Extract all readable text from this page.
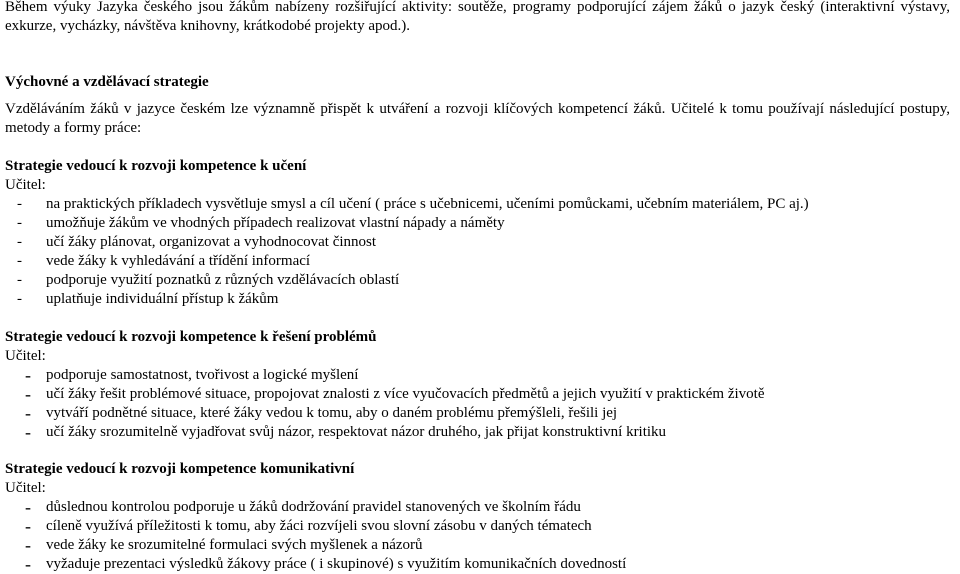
Během výuky Jazyka českého jsou žákům nabízeny rozšiřující aktivity: soutěže, programy podporující zájem žáků o jazyk český (interaktivní výstavy, exkurze, vycházky, návštěva knihovny, krátkodobé projekty apod.).

Výchovné a vzdělávací strategie

Vzděláváním žáků v jazyce českém lze významně přispět k utváření a rozvoji klíčových kompetencí žáků. Učitelé k tomu používají následující postupy, metody a formy práce:

Strategie vedoucí k rozvoji kompetence k učení

Učitel:

- na praktických příkladech vysvětluje smysl a cíl učení ( práce s učebnicemi, učeními pomůckami, učebním materiálem, PC aj.)
- umožňuje žákům ve vhodných případech realizovat vlastní nápady a náměty
- učí žáky plánovat, organizovat a vyhodnocovat činnost
- vede žáky k vyhledávání a třídění informací
- podporuje využití poznatků z různých vzdělávacích oblastí
- uplatňuje individuální přístup k žákům

Strategie vedoucí k rozvoji kompetence k řešení problémů

Učitel:

- podporuje samostatnost, tvořivost a logické myšlení
- učí žáky řešit problémové situace, propojovat znalosti z více vyučovacích předmětů a jejich využití v praktickém životě
- vytváří podnětné situace, které žáky vedou k tomu, aby o daném problému přemýšleli, řešili jej
- učí žáky srozumitelně vyjadřovat svůj názor, respektovat názor druhého, jak přijat konstruktivní kritiku

Strategie vedoucí k rozvoji kompetence komunikativní

Učitel:

- důslednou kontrolou podporuje u žáků dodržování pravidel stanovených ve školním řádu
- cíleně využívá příležitosti k tomu, aby žáci rozvíjeli svou slovní zásobu v daných tématech
- vede žáky ke srozumitelné formulaci svých myšlenek a názorů
- vyžaduje prezentaci výsledků žákovy práce ( i skupinové) s využitím komunikačních dovedností
